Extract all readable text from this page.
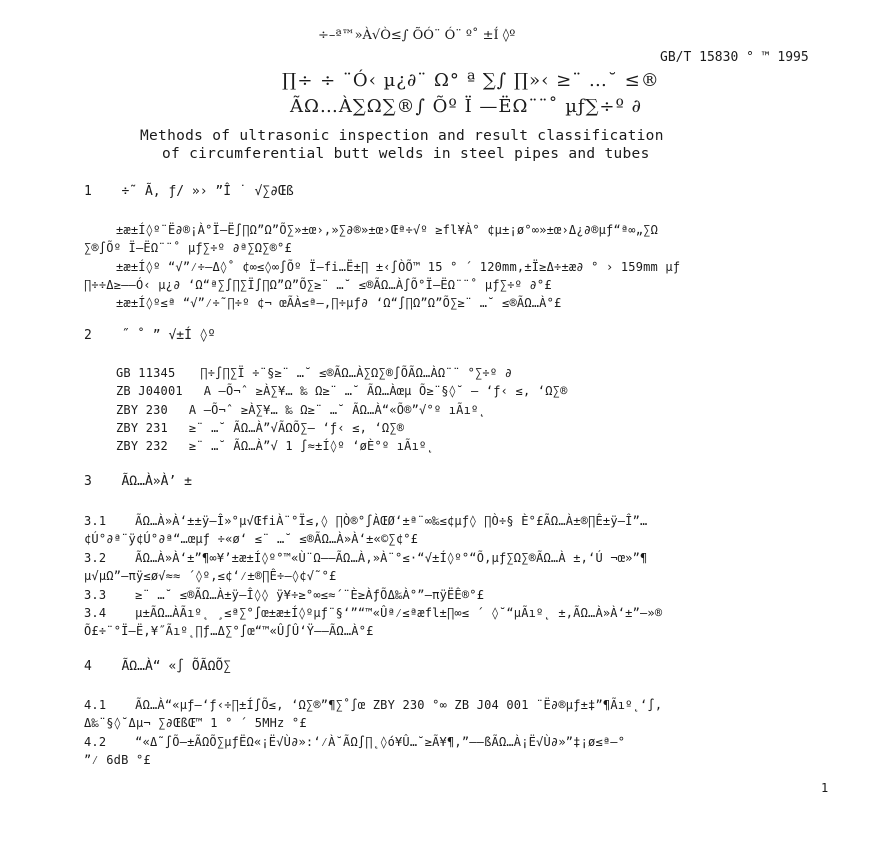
÷–ª™»À√Ò≤∫ ÕÓ¨ Ó¨ º˚ ±Í ◊º
GB/T 15830 ° ™ 1995
∏÷ ÷ ¨Ó‹ µ¿∂¨ Ω° ª ∑∫ ∏»‹ ≥¨ …˘ ≤®
ÃΩ…À∑Ω∑®∫ Õº Ï —ËΩ¨¨˚ µƒ∑÷º ∂
Methods of ultrasonic inspection and result classification
of circumferential butt welds in steel pipes and tubes
1 ÷˜ Ã‚ ƒ/ »› ”Î ˙ √∑∂Œß
±æ±Í◊º¨Ë∂®¡À°Ï–Ë∫∏Ω”Ω”Õ∑»±œ›,»∑∂®»±œ›Œª÷√º ≥fl¥À° ¢µ±¡ø°∞»±œ›Δ¿∂®µƒ“ª∞„∑Ω
∑®∫Õº Ï–ËΩ¨¨˚ µƒ∑÷º ∂ª∑Ω∑®°£
±æ±Í◊º “√”⁄÷–Δ◊˚ ¢∞≤◊∞∫Õº Ï–fi…Ë±∏ ±‹∫ÒÕ™ 15 ° ´ 120mm,±Ï≥Δ÷±æ∂ ° › 159mm µƒ
∏÷÷Δ≥––Ó‹ µ¿∂ ‘Ω“ª∑∫∏∑Ï∫∏Ω”Ω”Õ∑≥¨ …˘ ≤®ÃΩ…À∫Õ°Ï–ËΩ¨¨˚ µƒ∑÷º ∂°£
±æ±Í◊º≤ª “√”⁄÷˜∏÷º ¢¬ œÃÀ≤ª–,∏÷µƒ∂ ‘Ω“∫∏Ω”Ω”Õ∑≥¨ …˘ ≤®ÃΩ…À°£
2 ˝ ˚ ” √±Í ◊º
GB 11345 ∏÷∫∏∑Ï ÷¨§≥¨ …˘ ≤®ÃΩ…À∑Ω∑®∫ÕÃΩ…ÀΩ¨¨ °∑÷º ∂
ZB J04001 A –Õ¬ˆ ≥À∑¥… ‰ Ω≥¨ …˘ ÃΩ…Àœµ Õ≥¨§◊˘ – ‘ƒ‹ ≤‚ ‘Ω∑®
ZBY 230 A –Õ¬ˆ ≥À∑¥… ‰ Ω≥¨ …˘ ÃΩ…À“«Õ®”√°º ıÃıº˛
ZBY 231 ≥¨ …˘ ÃΩ…À”√ÃΩÕ∑– ‘ƒ‹ ≤‚ ‘Ω∑®
ZBY 232 ≥¨ …˘ ÃΩ…À”√ 1 ∫≈±Í◊º ‘øÈ°º ıÃıº˛
3 ÃΩ…À»À’ ±
3.1 ÃΩ…À»À‘±±ÿ–Î»°µ√ŒfiÀ¨°Ï≤,◊ ∏Ò®°∫ÀŒØ‘±ª¨∞‰≤¢µƒ◊ ∏Ò÷§ È°£ÃΩ…À±®∏Ê±ÿ–Î”…
¢Ú°∂ª¨ÿ¢Ú°∂ª“…œµƒ ÷«ø‘ ≤¨ …˘ ≤®ÃΩ…À»À‘±«©∑¢°£
3.2 ÃΩ…À»À‘±”¶∞¥’±æ±Í◊º°™«Ù¨Ω––ÃΩ…À,»À¨°≤·“√±Í◊º°“Õ,µƒ∑Ω∑®ÃΩ…À ±,‘Ú ¬œ»”¶
µ√µΩ”–πÿ≤ø√≈≈ ´◊º,≤¢‘⁄±®∏Ê÷–◊¢√˜°£
3.3 ≥¨ …˘ ≤®ÃΩ…À±ÿ–Î◊◊ ÿ¥÷≥°∞≤≈´¨È≥ÀƒÕΔ‰À°”–πÿËÊ®°£
3.4 µ±ÃΩ…ÀÃıº˛ ¸≤ª∑°∫œ±æ±Í◊ºµƒ¨§‘”“™«Ûª⁄≤ªæfl±∏∞≤ ´ ◊˘“µÃıº˛ ±,ÃΩ…À»À‘±”–»®
Õ£÷¨°Ï–Ë,¥˝Ãıº˛∏ƒ…Δ∑°∫œ“™«Û∫Û‘Ÿ––ÃΩ…À°£
4 ÃΩ…À“ «∫ ÕÃΩÕ∑
4.1 ÃΩ…À“«µƒ–‘ƒ‹÷∏±Í∫Õ≤, ‘Ω∑®”¶∑˚∫œ ZBY 230 °∞ ZB J04 001 ¨Ë∂®µƒ±‡”¶Ãıº˛‘∫,
Δ‰¨§◊˘Δµ¬ ∑∂ŒßŒ™ 1 ° ´ 5MHz °£
4.2 “«Δ˜∫Õ–±ÃΩÕ∑µƒËΩ«¡Ë√Ù∂»:‘⁄À˘ÃΩ∫∏˛◊ó¥Û…˘≥Ã¥¶,”––ßÃΩ…À¡Ë√Ù∂»”‡¡ø≤ª–°
”⁄ 6dB °£
1
